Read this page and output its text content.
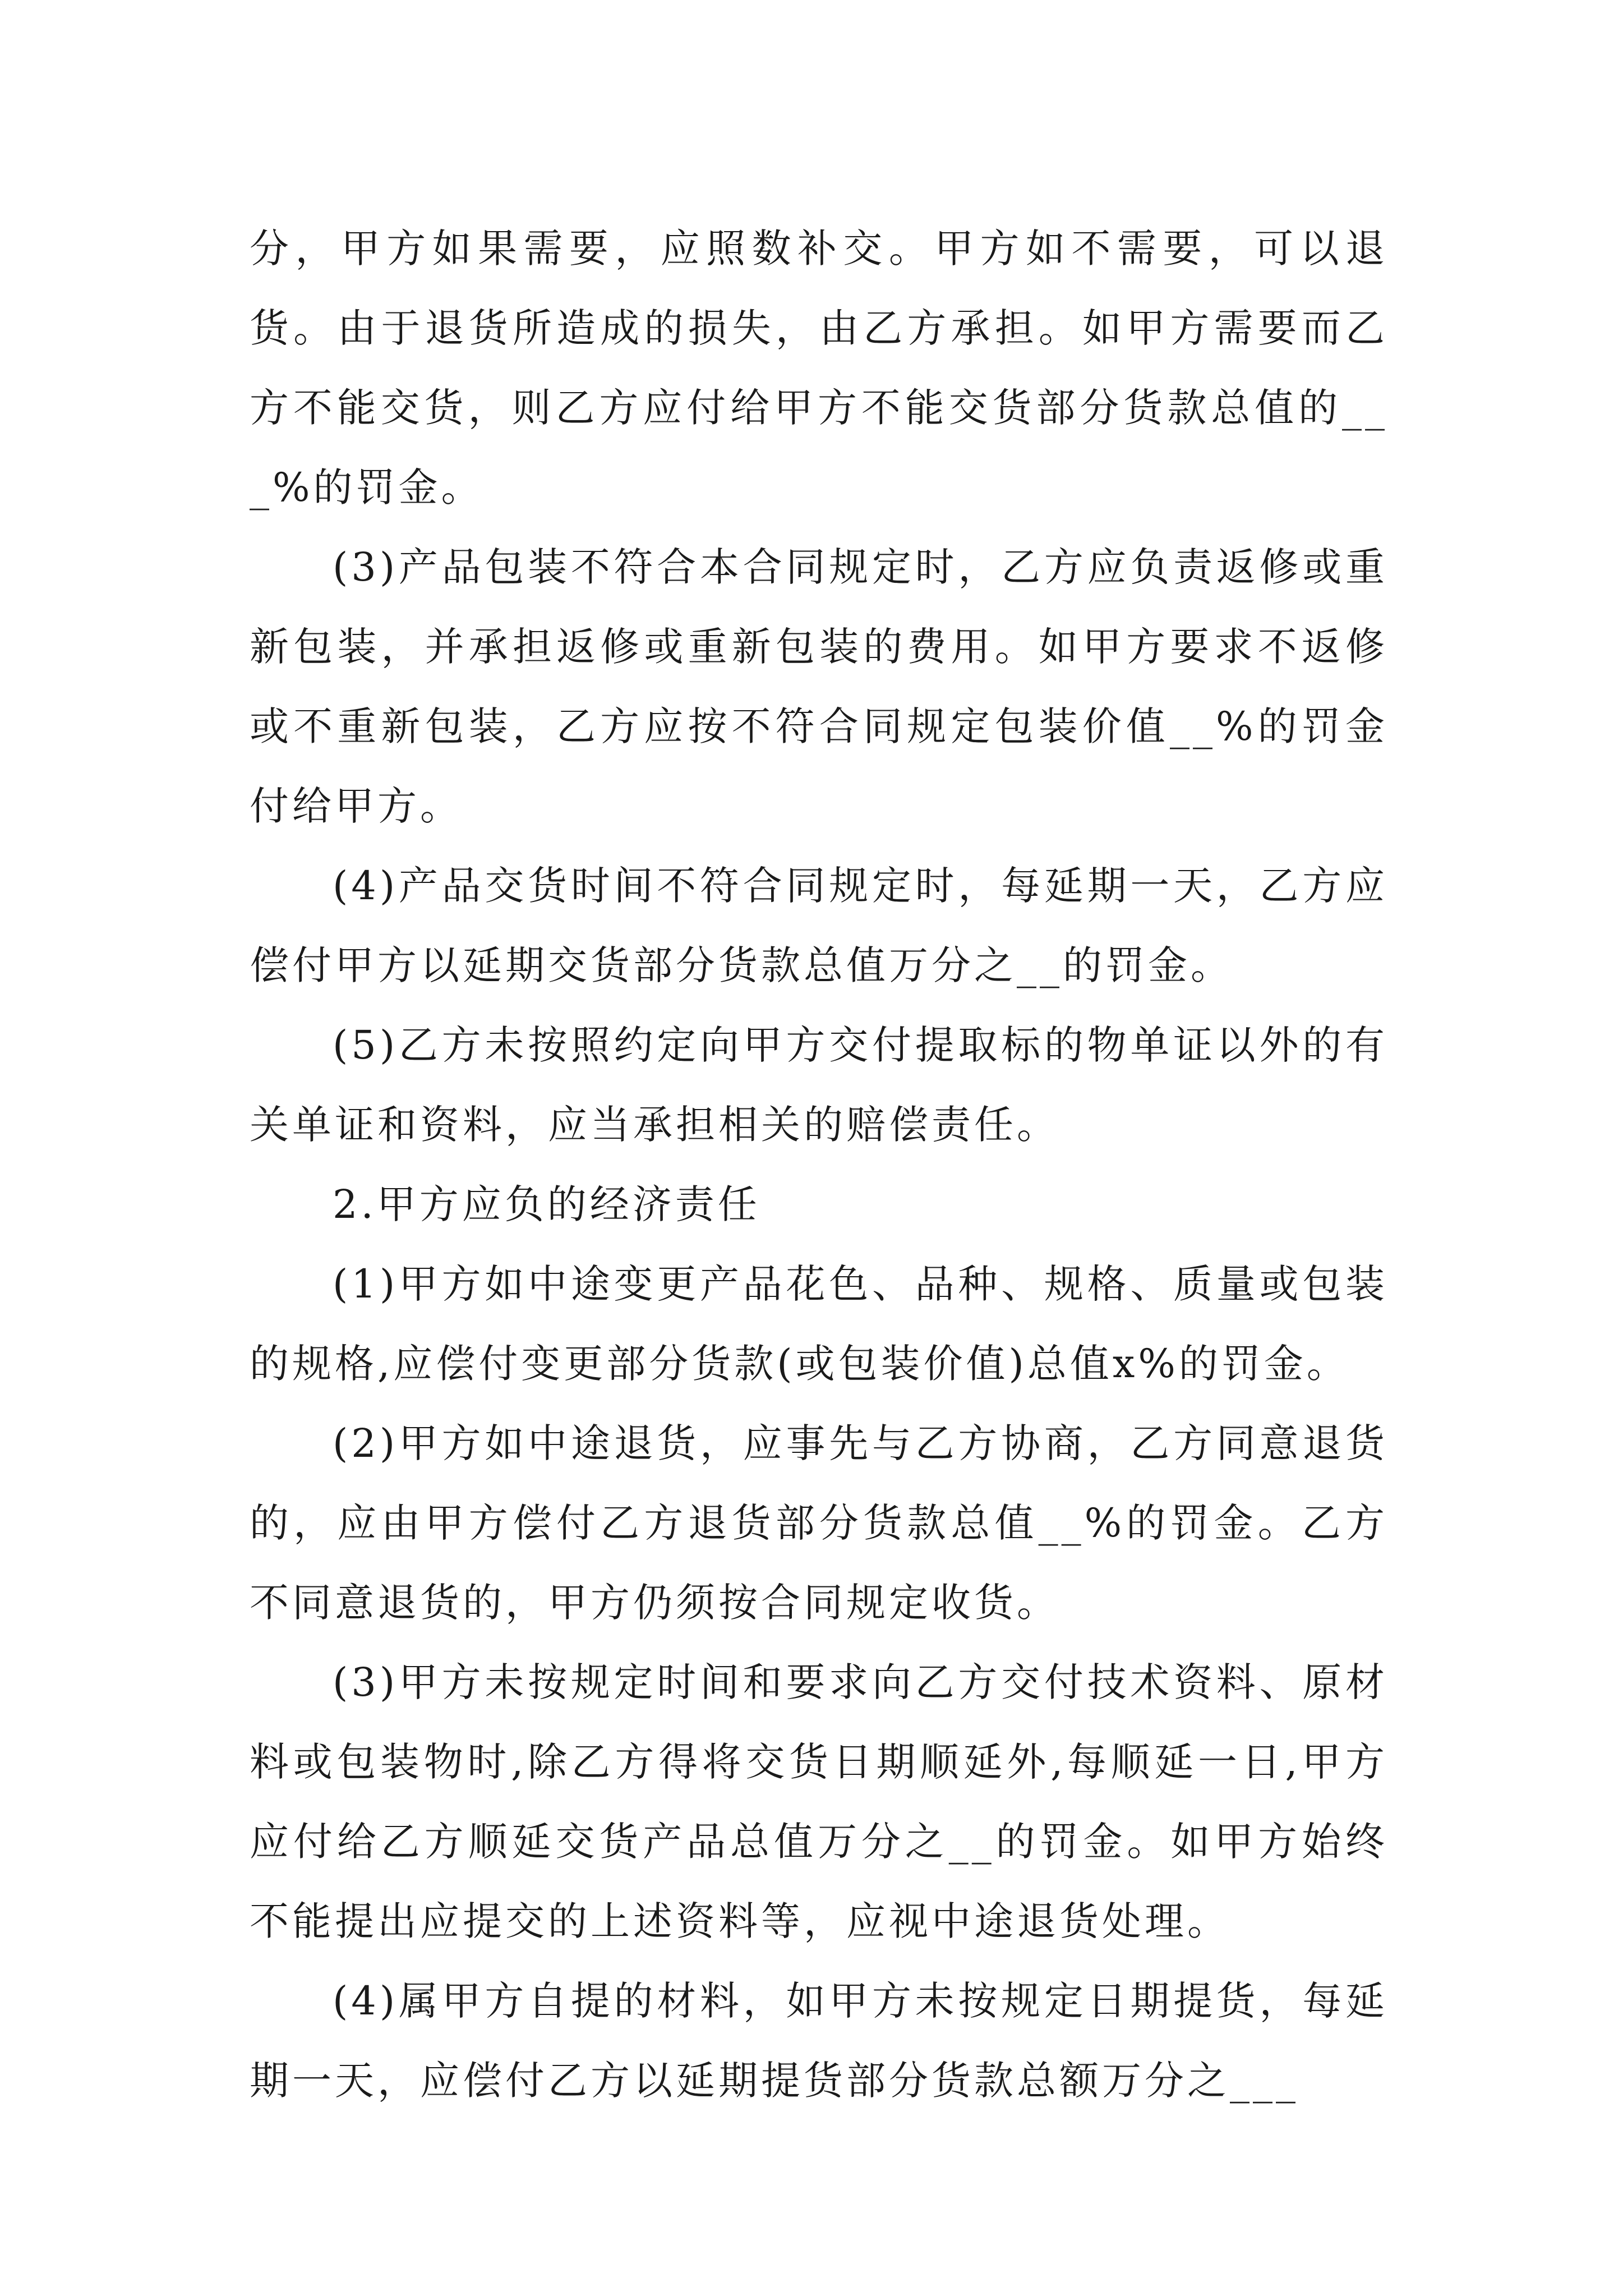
分，甲方如果需要，应照数补交。甲方如不需要，可以退货。由于退货所造成的损失，由乙方承担。如甲方需要而乙方不能交货，则乙方应付给甲方不能交货部分货款总值的___%的罚金。

(3)产品包装不符合本合同规定时，乙方应负责返修或重新包装，并承担返修或重新包装的费用。如甲方要求不返修或不重新包装，乙方应按不符合同规定包装价值__%的罚金付给甲方。

(4)产品交货时间不符合同规定时，每延期一天，乙方应偿付甲方以延期交货部分货款总值万分之__的罚金。

(5)乙方未按照约定向甲方交付提取标的物单证以外的有关单证和资料，应当承担相关的赔偿责任。

2.甲方应负的经济责任

(1)甲方如中途变更产品花色、品种、规格、质量或包装的规格,应偿付变更部分货款(或包装价值)总值x%的罚金。

(2)甲方如中途退货，应事先与乙方协商，乙方同意退货的，应由甲方偿付乙方退货部分货款总值__%的罚金。乙方不同意退货的，甲方仍须按合同规定收货。

(3)甲方未按规定时间和要求向乙方交付技术资料、原材料或包装物时,除乙方得将交货日期顺延外,每顺延一日,甲方应付给乙方顺延交货产品总值万分之__的罚金。如甲方始终不能提出应提交的上述资料等，应视中途退货处理。

(4)属甲方自提的材料，如甲方未按规定日期提货，每延期一天，应偿付乙方以延期提货部分货款总额万分之___
